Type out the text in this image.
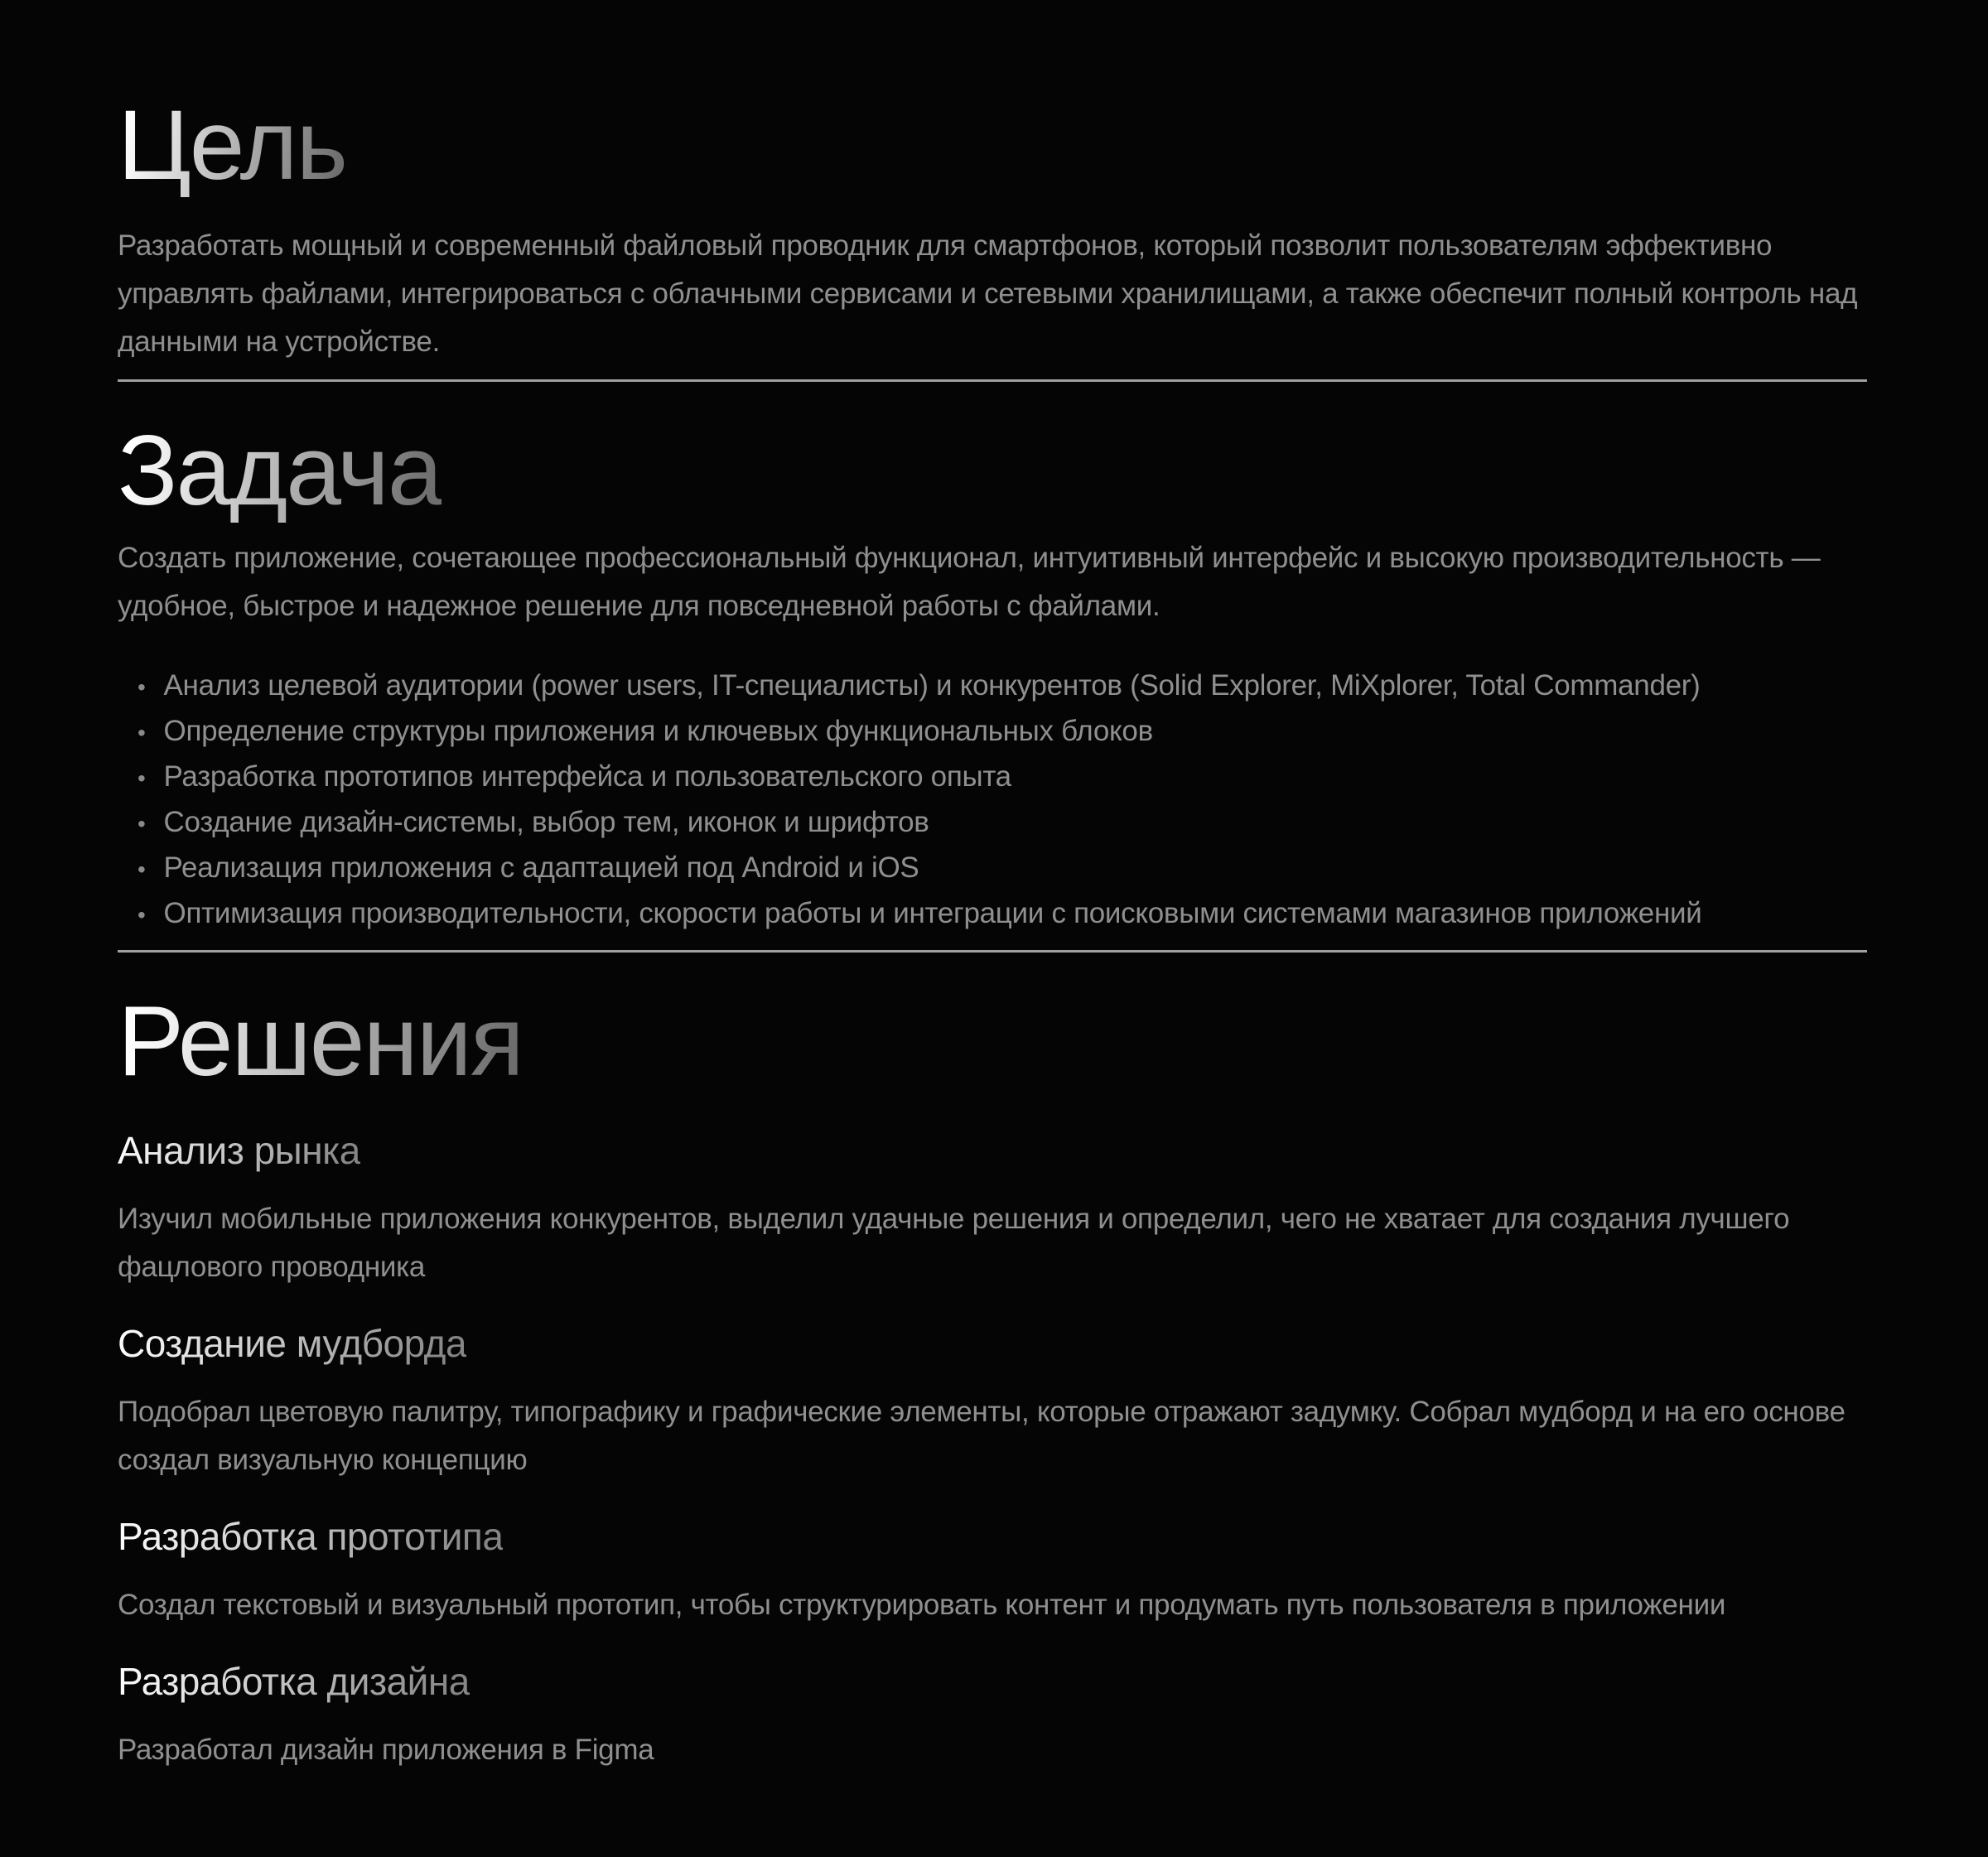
Цель

Разработать мощный и современный файловый проводник для смартфонов, который позволит пользователям эффективно управлять файлами, интегрироваться с облачными сервисами и сетевыми хранилищами, а также обеспечит полный контроль над данными на устройстве.

Задача

Создать приложение, сочетающее профессиональный функционал, интуитивный интерфейс и высокую производительность — удобное, быстрое и надежное решение для повседневной работы с файлами.

• Анализ целевой аудитории (power users, IT-специалисты) и конкурентов (Solid Explorer, MiXplorer, Total Commander)
• Определение структуры приложения и ключевых функциональных блоков
• Разработка прототипов интерфейса и пользовательского опыта
• Создание дизайн-системы, выбор тем, иконок и шрифтов
• Реализация приложения с адаптацией под Android и iOS
• Оптимизация производительности, скорости работы и интеграции с поисковыми системами магазинов приложений
Решения
Анализ рынка

Изучил мобильные приложения конкурентов, выделил удачные решения и определил, чего не хватает для создания лучшего фацлового проводника

Создание мудборда

Подобрал цветовую палитру, типографику и графические элементы, которые отражают задумку. Собрал мудборд и на его основе создал визуальную концепцию

Разработка прототипа

Создал текстовый и визуальный прототип, чтобы структурировать контент и продумать путь пользователя в приложении

Разработка дизайна

Разработал дизайн приложения в Figma
